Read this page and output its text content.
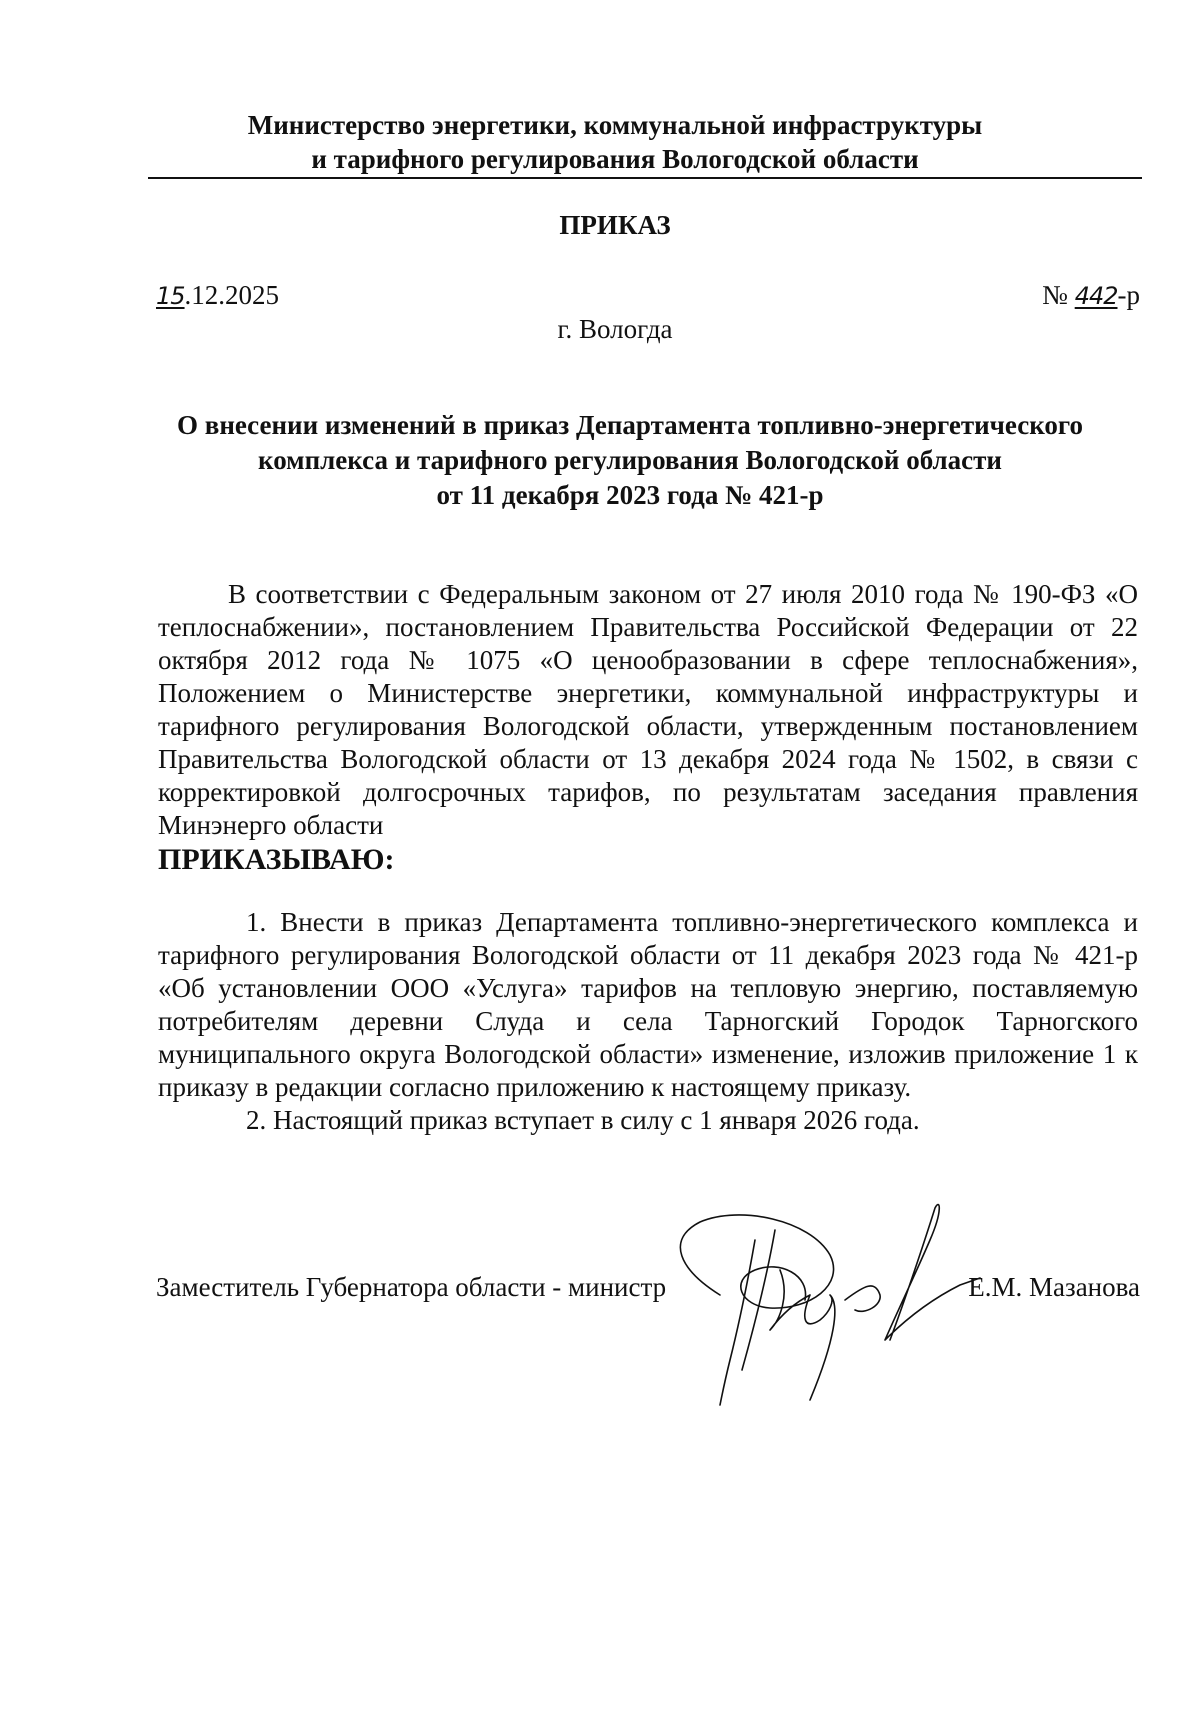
Министерство энергетики, коммунальной инфраструктуры
и тарифного регулирования Вологодской области
ПРИКАЗ
15.12.2025	№ 442-р
г. Вологда
О внесении изменений в приказ Департамента топливно-энергетического
комплекса и тарифного регулирования Вологодской области
от 11 декабря 2023 года № 421-р

В соответствии с Федеральным законом от 27 июля 2010 года № 190-ФЗ «О теплоснабжении», постановлением Правительства Российской Федерации от 22 октября 2012 года № 1075 «О ценообразовании в сфере теплоснабжения», Положением о Министерстве энергетики, коммунальной инфраструктуры и тарифного регулирования Вологодской области, утвержденным постановлением Правительства Вологодской области от 13 декабря 2024 года № 1502, в связи с корректировкой долгосрочных тарифов, по результатам заседания правления Минэнерго области

ПРИКАЗЫВАЮ:

1. Внести в приказ Департамента топливно-энергетического комплекса и тарифного регулирования Вологодской области от 11 декабря 2023 года № 421-р «Об установлении ООО «Услуга» тарифов на тепловую энергию, поставляемую потребителям деревни Слуда и села Тарногский Городок Тарногского муниципального округа Вологодской области» изменение, изложив приложение 1 к приказу в редакции согласно приложению к настоящему приказу.

2. Настоящий приказ вступает в силу с 1 января 2026 года.

Заместитель Губернатора области - министр	Е.М. Мазанова
